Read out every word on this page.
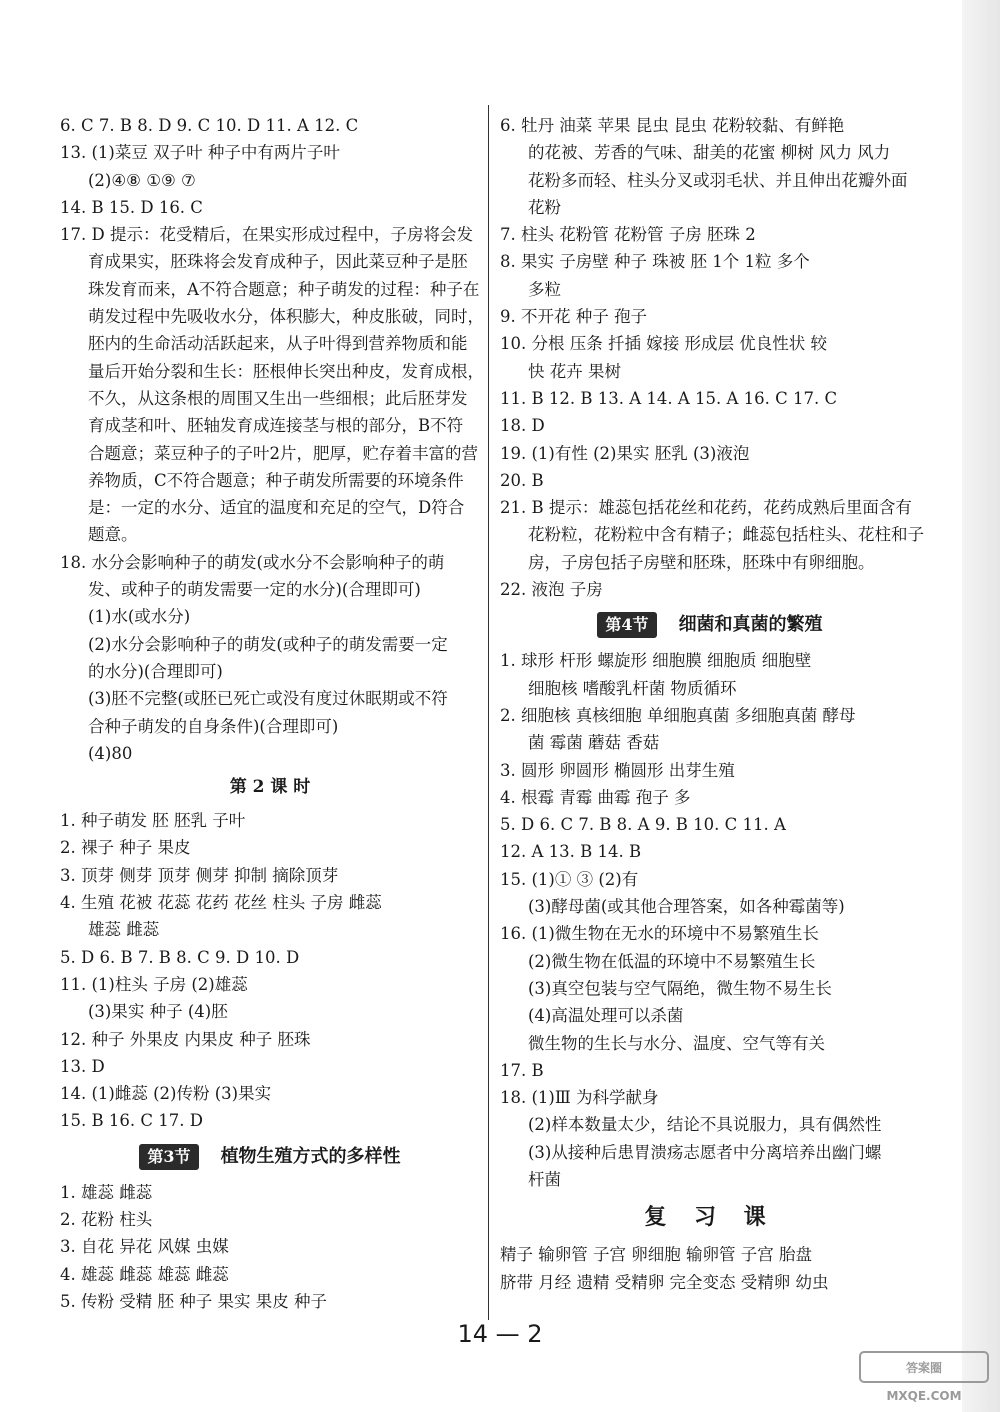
6. C 7. B 8. D 9. C 10. D 11. A 12. C
13. (1)菜豆 双子叶 种子中有两片子叶
(2)④⑧ ①⑨ ⑦
14. B 15. D 16. C
17. D 提示：花受精后，在果实形成过程中，子房将会发
育成果实，胚珠将会发育成种子，因此菜豆种子是胚
珠发育而来，A不符合题意；种子萌发的过程：种子在
萌发过程中先吸收水分，体积膨大，种皮胀破，同时，
胚内的生命活动活跃起来，从子叶得到营养物质和能
量后开始分裂和生长：胚根伸长突出种皮，发育成根，
不久，从这条根的周围又生出一些细根；此后胚芽发
育成茎和叶、胚轴发育成连接茎与根的部分，B不符
合题意；菜豆种子的子叶2片，肥厚，贮存着丰富的营
养物质，C不符合题意；种子萌发所需要的环境条件
是：一定的水分、适宜的温度和充足的空气，D符合
题意。
18. 水分会影响种子的萌发(或水分不会影响种子的萌
发、或种子的萌发需要一定的水分)(合理即可)
(1)水(或水分)
(2)水分会影响种子的萌发(或种子的萌发需要一定
的水分)(合理即可)
(3)胚不完整(或胚已死亡或没有度过休眠期或不符
合种子萌发的自身条件)(合理即可)
(4)80
第 2 课 时
1. 种子萌发 胚 胚乳 子叶
2. 裸子 种子 果皮
3. 顶芽 侧芽 顶芽 侧芽 抑制 摘除顶芽
4. 生殖 花被 花蕊 花药 花丝 柱头 子房 雌蕊
雄蕊 雌蕊
5. D 6. B 7. B 8. C 9. D 10. D
11. (1)柱头 子房 (2)雄蕊
(3)果实 种子 (4)胚
12. 种子 外果皮 内果皮 种子 胚珠
13. D
14. (1)雌蕊 (2)传粉 (3)果实
15. B 16. C 17. D
第3节	植物生殖方式的多样性
1. 雄蕊 雌蕊
2. 花粉 柱头
3. 自花 异花 风媒 虫媒
4. 雄蕊 雌蕊 雄蕊 雌蕊
5. 传粉 受精 胚 种子 果实 果皮 种子
6. 牡丹 油菜 苹果 昆虫 昆虫 花粉较黏、有鲜艳
的花被、芳香的气味、甜美的花蜜 柳树 风力 风力
花粉多而轻、柱头分叉或羽毛状、并且伸出花瓣外面
花粉
7. 柱头 花粉管 花粉管 子房 胚珠 2
8. 果实 子房壁 种子 珠被 胚 1个 1粒 多个
多粒
9. 不开花 种子 孢子
10. 分根 压条 扦插 嫁接 形成层 优良性状 较
快 花卉 果树
11. B 12. B 13. A 14. A 15. A 16. C 17. C
18. D
19. (1)有性 (2)果实 胚乳 (3)液泡
20. B
21. B 提示：雄蕊包括花丝和花药，花药成熟后里面含有
花粉粒，花粉粒中含有精子；雌蕊包括柱头、花柱和子
房，子房包括子房壁和胚珠，胚珠中有卵细胞。
22. 液泡 子房
第4节	细菌和真菌的繁殖
1. 球形 杆形 螺旋形 细胞膜 细胞质 细胞壁
细胞核 嗜酸乳杆菌 物质循环
2. 细胞核 真核细胞 单细胞真菌 多细胞真菌 酵母
菌 霉菌 蘑菇 香菇
3. 圆形 卵圆形 椭圆形 出芽生殖
4. 根霉 青霉 曲霉 孢子 多
5. D 6. C 7. B 8. A 9. B 10. C 11. A
12. A 13. B 14. B
15. (1)① ③ (2)有
(3)酵母菌(或其他合理答案，如各种霉菌等)
16. (1)微生物在无水的环境中不易繁殖生长
(2)微生物在低温的环境中不易繁殖生长
(3)真空包装与空气隔绝，微生物不易生长
(4)高温处理可以杀菌
微生物的生长与水分、温度、空气等有关
17. B
18. (1)Ⅲ 为科学献身
(2)样本数量太少，结论不具说服力，具有偶然性
(3)从接种后患胃溃疡志愿者中分离培养出幽门螺
杆菌
复 习 课
精子 输卵管 子宫 卵细胞 输卵管 子宫 胎盘
脐带 月经 遗精 受精卵 完全变态 受精卵 幼虫
14 — 2
答案圈
MXQE.COM
